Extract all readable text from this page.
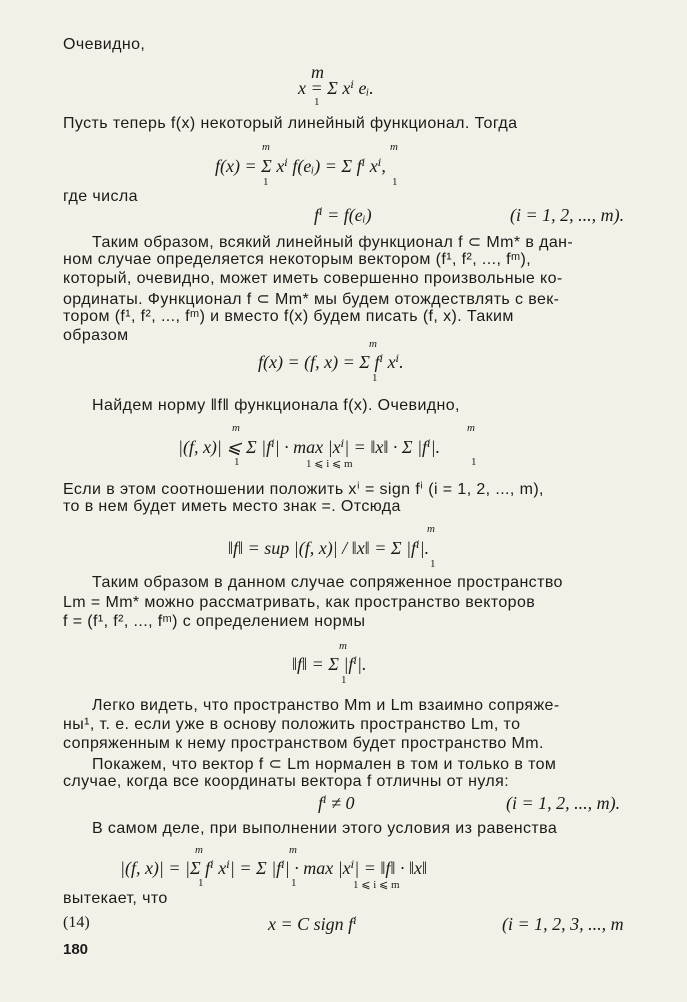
Очевидно,
m
x = Σ xⁱ eᵢ.
1
Пусть теперь f(x) некоторый линейный функционал. Тогда
m	m
f(x) = Σ xⁱ f(eᵢ) = Σ fⁱ xⁱ,
1	1
где числа
fⁱ = f(eᵢ)	(i = 1, 2, ..., m).
Таким образом, всякий линейный функционал f ⊂ Mm* в дан-
ном случае определяется некоторым вектором (f¹, f², ..., fᵐ),
который, очевидно, может иметь совершенно произвольные ко-
ординаты. Функционал f ⊂ Mm* мы будем отождествлять с век-
тором (f¹, f², ..., fᵐ) и вместо f(x) будем писать (f, x). Таким
образом	m
f(x) = (f, x) = Σ fⁱ xⁱ.
1
Найдем норму ‖f‖ функционала f(x). Очевидно,
m	m
|(f, x)| ⩽ Σ |fⁱ| · max |xⁱ| = ‖x‖ · Σ |fⁱ|.
1	1 ⩽ i ⩽ m	1
Если в этом соотношении положить xⁱ = sign fⁱ (i = 1, 2, ..., m),
то в нем будет иметь место знак =. Отсюда
m
‖f‖ = sup |(f, x)| / ‖x‖ = Σ |fⁱ|.
1
Таким образом в данном случае сопряженное пространство
Lm = Mm* можно рассматривать, как пространство векторов
f = (f¹, f², ..., fᵐ) с определением нормы
m
‖f‖ = Σ |fⁱ|.
1
Легко видеть, что пространство Mm и Lm взаимно сопряже-
ны¹, т. е. если уже в основу положить пространство Lm, то
сопряженным к нему пространством будет пространство Mm.
Покажем, что вектор f ⊂ Lm нормален в том и только в том
случае, когда все координаты вектора f отличны от нуля:
fⁱ ≠ 0	(i = 1, 2, ..., m).
В самом деле, при выполнении этого условия из равенства
m	m
|(f, x)| = |Σ fⁱ xⁱ| = Σ |fⁱ| · max |xⁱ| = ‖f‖ · ‖x‖
1	1	1 ⩽ i ⩽ m
вытекает, что
(14)	x = C sign fⁱ	(i = 1, 2, 3, ..., m
180
